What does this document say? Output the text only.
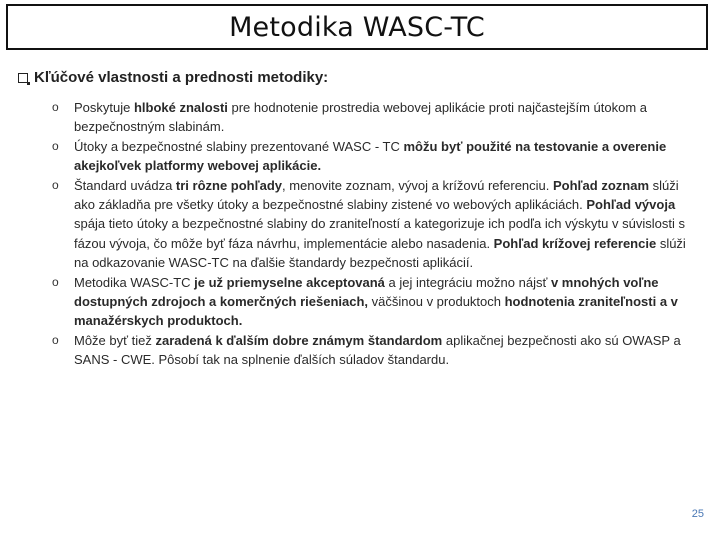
Metodika WASC-TC
Kľúčové vlastnosti a prednosti metodiky:
o Poskytuje hlboké znalosti pre hodnotenie prostredia webovej aplikácie proti najčastejším útokom a bezpečnostným slabinám.
o Útoky a bezpečnostné slabiny prezentované WASC - TC môžu byť použité na testovanie a overenie akejkoľvek platformy webovej aplikácie.
o Štandard uvádza tri rôzne pohľady, menovite zoznam, vývoj a krížovú referenciu. Pohľad zoznam slúži ako základňa pre všetky útoky a bezpečnostné slabiny zistené vo webových aplikáciách. Pohľad vývoja spája tieto útoky a bezpečnostné slabiny do zraniteľností a kategorizuje ich podľa ich výskytu v súvislosti s fázou vývoja, čo môže byť fáza návrhu, implementácie alebo nasadenia. Pohľad krížovej referencie slúži na odkazovanie WASC-TC na ďalšie štandardy bezpečnosti aplikácií.
o Metodika WASC-TC je už priemyselne akceptovaná a jej integráciu možno nájsť v mnohých voľne dostupných zdrojoch a komerčných riešeniach, väčšinou v produktoch hodnotenia zraniteľnosti a v manažérskych produktoch.
o Môže byť tiež zaradená k ďalším dobre známym štandardom aplikačnej bezpečnosti ako sú OWASP a SANS - CWE. Pôsobí tak na splnenie ďalších súladov štandardu.
25
